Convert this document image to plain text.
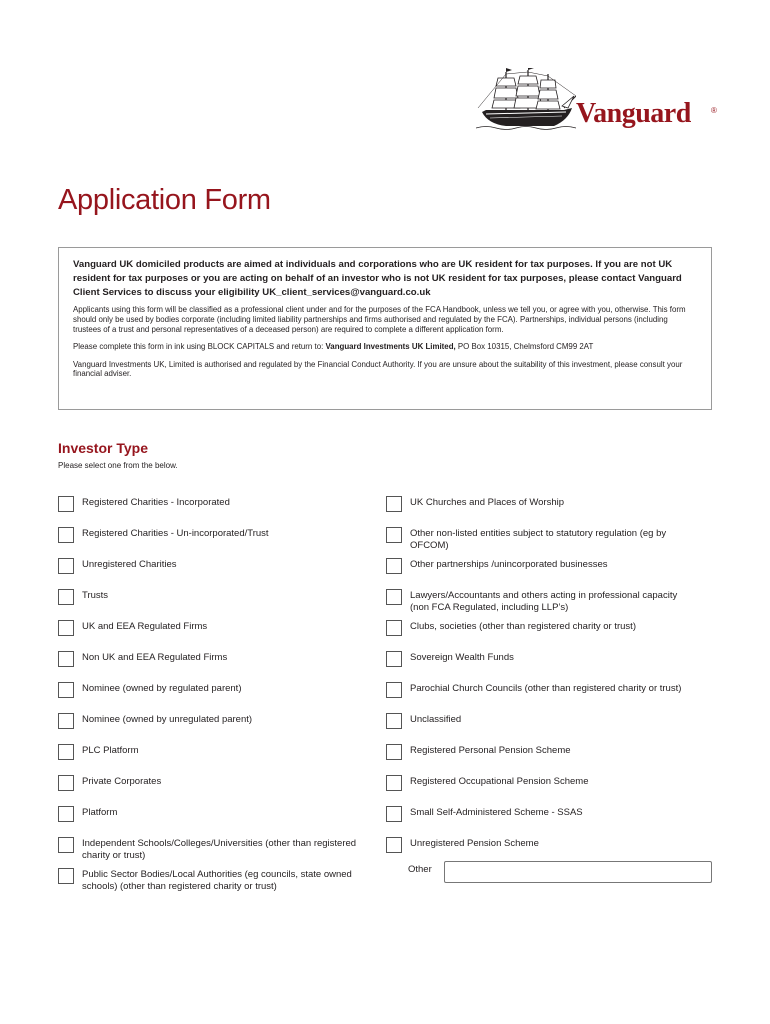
Vanguard	®
Application Form

Vanguard UK domiciled products are aimed at individuals and corporations who are UK resident for tax purposes. If you are not UK resident for tax purposes or you are acting on behalf of an investor who is not UK resident for tax purposes, please contact Vanguard Client Services to discuss your eligibility UK_client_services@vanguard.co.uk

Applicants using this form will be classified as a professional client under and for the purposes of the FCA Handbook, unless we tell you, or agree with you, otherwise. This form should only be used by bodies corporate (including limited liability partnerships and firms authorised and regulated by the FCA). Partnerships, individual persons (including trustees of a trust and personal representatives of a deceased person) are required to complete a different application form.

Please complete this form in ink using BLOCK CAPITALS and return to: Vanguard Investments UK Limited, PO Box 10315, Chelmsford CM99 2AT

Vanguard Investments UK, Limited is authorised and regulated by the Financial Conduct Authority. If you are unsure about the suitability of this investment, please consult your financial adviser.

Investor Type

Please select one from the below.

Registered Charities - Incorporated
Registered Charities - Un-incorporated/Trust
Unregistered Charities
Trusts
UK and EEA Regulated Firms
Non UK and EEA Regulated Firms
Nominee (owned by regulated parent)
Nominee (owned by unregulated parent)
PLC Platform
Private Corporates
Platform
Independent Schools/Colleges/Universities (other than registered charity or trust)
Public Sector Bodies/Local Authorities (eg councils, state owned schools) (other than registered charity or trust)
UK Churches and Places of Worship
Other non-listed entities subject to statutory regulation (eg by OFCOM)
Other partnerships /unincorporated businesses
Lawyers/Accountants and others acting in professional capacity (non FCA Regulated, including LLP’s)
Clubs, societies (other than registered charity or trust)
Sovereign Wealth Funds
Parochial Church Councils (other than registered charity or trust)
Unclassified
Registered Personal Pension Scheme
Registered Occupational Pension Scheme
Small Self-Administered Scheme - SSAS
Unregistered Pension Scheme
Other
